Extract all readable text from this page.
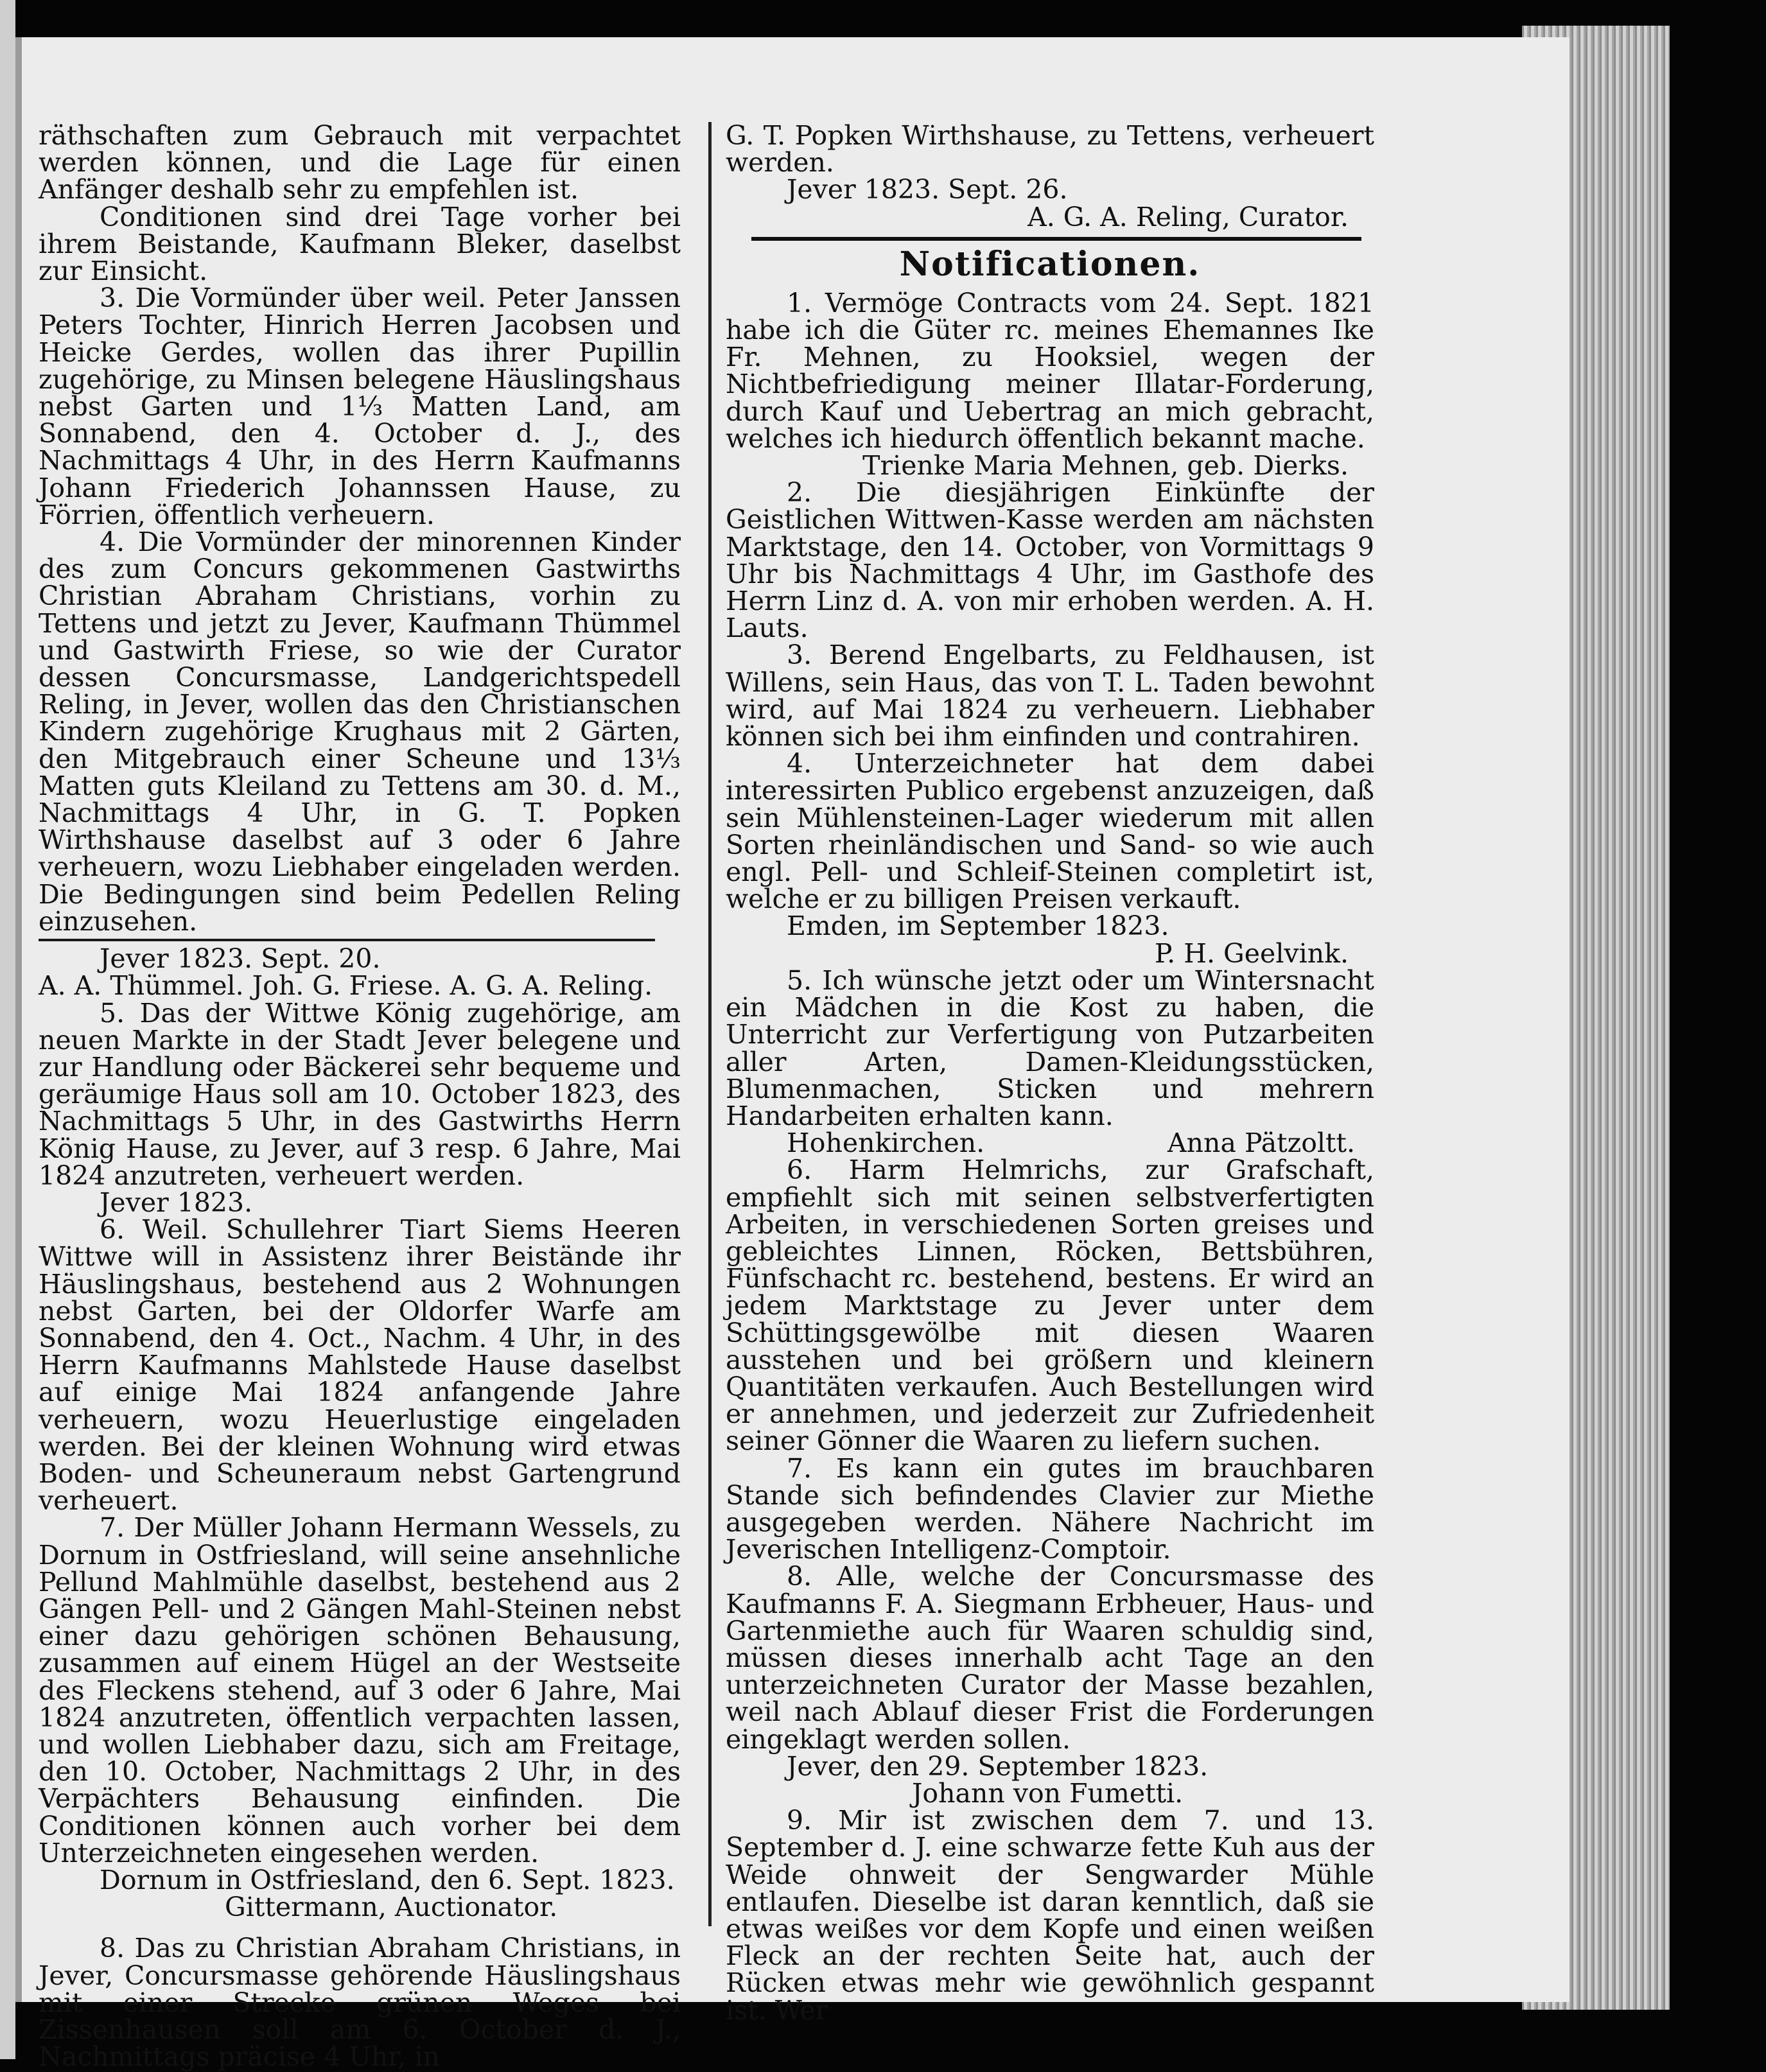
räthschaften zum Gebrauch mit verpachtet werden können, und die Lage für einen Anfänger deshalb sehr zu empfehlen ist.
Conditionen sind drei Tage vorher bei ihrem Beistande, Kaufmann Bleker, daselbst zur Einsicht.
3. Die Vormünder über weil. Peter Janssen Peters Tochter, Hinrich Herren Jacobsen und Heicke Gerdes, wollen das ihrer Pupillin zugehörige, zu Minsen belegene Häuslingshaus nebst Garten und 1⅓ Matten Land, am Sonnabend, den 4. October d. J., des Nachmittags 4 Uhr, in des Herrn Kaufmanns Johann Friederich Johannssen Hause, zu Förrien, öffentlich verheuern.
4. Die Vormünder der minorennen Kinder des zum Concurs gekommenen Gastwirths Christian Abraham Christians, vorhin zu Tettens und jetzt zu Jever, Kaufmann Thümmel und Gastwirth Friese, so wie der Curator dessen Concursmasse, Landgerichtspedell Reling, in Jever, wollen das den Christianschen Kindern zugehörige Krughaus mit 2 Gärten, den Mitgebrauch einer Scheune und 13⅓ Matten guts Kleiland zu Tettens am 30. d. M., Nachmittags 4 Uhr, in G. T. Popken Wirthshause daselbst auf 3 oder 6 Jahre verheuern, wozu Liebhaber eingeladen werden. Die Bedingungen sind beim Pedellen Reling einzusehen.
Jever 1823. Sept. 20.
A. A. Thümmel. Joh. G. Friese. A. G. A. Reling.
5. Das der Wittwe König zugehörige, am neuen Markte in der Stadt Jever belegene und zur Handlung oder Bäckerei sehr bequeme und geräumige Haus soll am 10. October 1823, des Nachmittags 5 Uhr, in des Gastwirths Herrn König Hause, zu Jever, auf 3 resp. 6 Jahre, Mai 1824 anzutreten, verheuert werden.
Jever 1823.
6. Weil. Schullehrer Tiart Siems Heeren Wittwe will in Assistenz ihrer Beistände ihr Häuslingshaus, bestehend aus 2 Wohnungen nebst Garten, bei der Oldorfer Warfe am Sonnabend, den 4. Oct., Nachm. 4 Uhr, in des Herrn Kaufmanns Mahlstede Hause daselbst auf einige Mai 1824 anfangende Jahre verheuern, wozu Heuerlustige eingeladen werden. Bei der kleinen Wohnung wird etwas Boden- und Scheuneraum nebst Gartengrund verheuert.
7. Der Müller Johann Hermann Wessels, zu Dornum in Ostfriesland, will seine ansehnliche Pellund Mahlmühle daselbst, bestehend aus 2 Gängen Pell- und 2 Gängen Mahl-Steinen nebst einer dazu gehörigen schönen Behausung, zusammen auf einem Hügel an der Westseite des Fleckens stehend, auf 3 oder 6 Jahre, Mai 1824 anzutreten, öffentlich verpachten lassen, und wollen Liebhaber dazu, sich am Freitage, den 10. October, Nachmittags 2 Uhr, in des Verpächters Behausung einfinden. Die Conditionen können auch vorher bei dem Unterzeichneten eingesehen werden.
Dornum in Ostfriesland, den 6. Sept. 1823.
Gittermann, Auctionator.
8. Das zu Christian Abraham Christians, in Jever, Concursmasse gehörende Häuslingshaus mit einer Strecke grünen Weges bei Zissenhausen soll am 6. October d. J., Nachmittags präcise 4 Uhr, in
G. T. Popken Wirthshause, zu Tettens, verheuert werden.
Jever 1823. Sept. 26.
A. G. A. Reling, Curator.
Notificationen.
1. Vermöge Contracts vom 24. Sept. 1821 habe ich die Güter rc. meines Ehemannes Ike Fr. Mehnen, zu Hooksiel, wegen der Nichtbefriedigung meiner Illatar-Forderung, durch Kauf und Uebertrag an mich gebracht, welches ich hiedurch öffentlich bekannt mache.
Trienke Maria Mehnen, geb. Dierks.
2. Die diesjährigen Einkünfte der Geistlichen Wittwen-Kasse werden am nächsten Marktstage, den 14. October, von Vormittags 9 Uhr bis Nachmittags 4 Uhr, im Gasthofe des Herrn Linz d. A. von mir erhoben werden. A. H. Lauts.
3. Berend Engelbarts, zu Feldhausen, ist Willens, sein Haus, das von T. L. Taden bewohnt wird, auf Mai 1824 zu verheuern. Liebhaber können sich bei ihm einfinden und contrahiren.
4. Unterzeichneter hat dem dabei interessirten Publico ergebenst anzuzeigen, daß sein Mühlensteinen-Lager wiederum mit allen Sorten rheinländischen und Sand- so wie auch engl. Pell- und Schleif-Steinen completirt ist, welche er zu billigen Preisen verkauft.
Emden, im September 1823.
P. H. Geelvink.
5. Ich wünsche jetzt oder um Wintersnacht ein Mädchen in die Kost zu haben, die Unterricht zur Verfertigung von Putzarbeiten aller Arten, Damen-Kleidungsstücken, Blumenmachen, Sticken und mehrern Handarbeiten erhalten kann.
Hohenkirchen.	Anna Pätzoltt.
6. Harm Helmrichs, zur Grafschaft, empfiehlt sich mit seinen selbstverfertigten Arbeiten, in verschiedenen Sorten greises und gebleichtes Linnen, Röcken, Bettsbühren, Fünfschacht rc. bestehend, bestens. Er wird an jedem Marktstage zu Jever unter dem Schüttingsgewölbe mit diesen Waaren ausstehen und bei größern und kleinern Quantitäten verkaufen. Auch Bestellungen wird er annehmen, und jederzeit zur Zufriedenheit seiner Gönner die Waaren zu liefern suchen.
7. Es kann ein gutes im brauchbaren Stande sich befindendes Clavier zur Miethe ausgegeben werden. Nähere Nachricht im Jeverischen Intelligenz-Comptoir.
8. Alle, welche der Concursmasse des Kaufmanns F. A. Siegmann Erbheuer, Haus- und Gartenmiethe auch für Waaren schuldig sind, müssen dieses innerhalb acht Tage an den unterzeichneten Curator der Masse bezahlen, weil nach Ablauf dieser Frist die Forderungen eingeklagt werden sollen.
Jever, den 29. September 1823.
Johann von Fumetti.
9. Mir ist zwischen dem 7. und 13. September d. J. eine schwarze fette Kuh aus der Weide ohnweit der Sengwarder Mühle entlaufen. Dieselbe ist daran kenntlich, daß sie etwas weißes vor dem Kopfe und einen weißen Fleck an der rechten Seite hat, auch der Rücken etwas mehr wie gewöhnlich gespannt ist. Wer
